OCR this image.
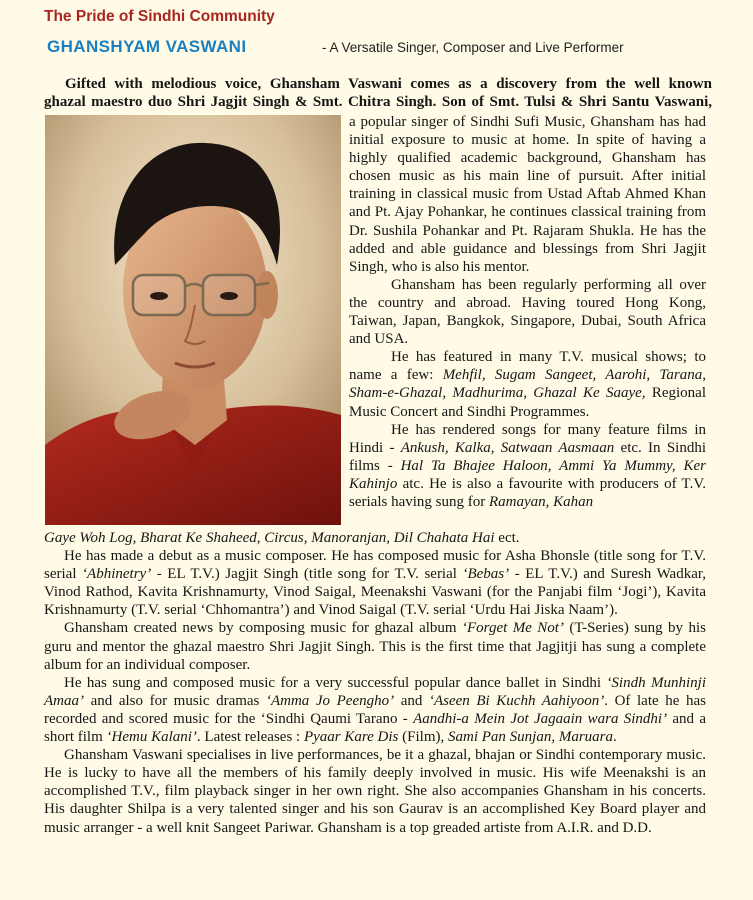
The Pride of Sindhi Community
GHANSHYAM VASWANI	- A Versatile Singer, Composer and Live Performer
Gifted with melodious voice, Ghansham Vaswani comes as a discovery from the well known
ghazal maestro duo Shri Jagjit Singh & Smt. Chitra Singh. Son of Smt. Tulsi & Shri Santu Vaswani,

a popular singer of Sindhi Sufi Music, Ghansham has had initial exposure to music at home. In spite of having a highly qualified academic background, Ghansham has chosen music as his main line of pursuit. After initial training in classical music from Ustad Aftab Ahmed Khan and Pt. Ajay Pohankar, he continues classical training from Dr. Sushila Pohankar and Pt. Rajaram Shukla. He has the added and able guidance and blessings from Shri Jagjit Singh, who is also his mentor.

Ghansham has been regularly performing all over the country and abroad. Having toured Hong Kong, Taiwan, Japan, Bangkok, Singapore, Dubai, South Africa and USA.

He has featured in many T.V. musical shows; to name a few: Mehfil, Sugam Sangeet, Aarohi, Tarana, Sham-e-Ghazal, Madhurima, Ghazal Ke Saaye, Regional Music Concert and Sindhi Programmes.

He has rendered songs for many feature films in Hindi - Ankush, Kalka, Satwaan Aasmaan etc. In Sindhi films - Hal Ta Bhajee Haloon, Ammi Ya Mummy, Ker Kahinjo atc. He is also a favourite with producers of T.V. serials having sung for Ramayan, Kahan

Gaye Woh Log, Bharat Ke Shaheed, Circus, Manoranjan, Dil Chahata Hai ect.

He has made a debut as a music composer. He has composed music for Asha Bhonsle (title song for T.V. serial ‘Abhinetry’ - EL T.V.) Jagjit Singh (title song for T.V. serial ‘Bebas’ - EL T.V.) and Suresh Wadkar, Vinod Rathod, Kavita Krishnamurty, Vinod Saigal, Meenakshi Vaswani (for the Panjabi film ‘Jogi’), Kavita Krishnamurty (T.V. serial ‘Chhomantra’) and Vinod Saigal (T.V. serial ‘Urdu Hai Jiska Naam’).

Ghansham created news by composing music for ghazal album ‘Forget Me Not’ (T-Series) sung by his guru and mentor the ghazal maestro Shri Jagjit Singh. This is the first time that Jagjitji has sung a complete album for an individual composer.

He has sung and composed music for a very successful popular dance ballet in Sindhi ‘Sindh Munhinji Amaa’ and also for music dramas ‘Amma Jo Peengho’ and ‘Aseen Bi Kuchh Aahiyoon’. Of late he has recorded and scored music for the ‘Sindhi Qaumi Tarano - Aandhi-a Mein Jot Jagaain wara Sindhi’ and a short film ‘Hemu Kalani’. Latest releases : Pyaar Kare Dis (Film), Sami Pan Sunjan, Maruara.

Ghansham Vaswani specialises in live performances, be it a ghazal, bhajan or Sindhi contemporary music. He is lucky to have all the members of his family deeply involved in music. His wife Meenakshi is an accomplished T.V., film playback singer in her own right. She also accompanies Ghansham in his concerts. His daughter Shilpa is a very talented singer and his son Gaurav is an accomplished Key Board player and music arranger - a well knit Sangeet Pariwar. Ghansham is a top greaded artiste from A.I.R. and D.D.
